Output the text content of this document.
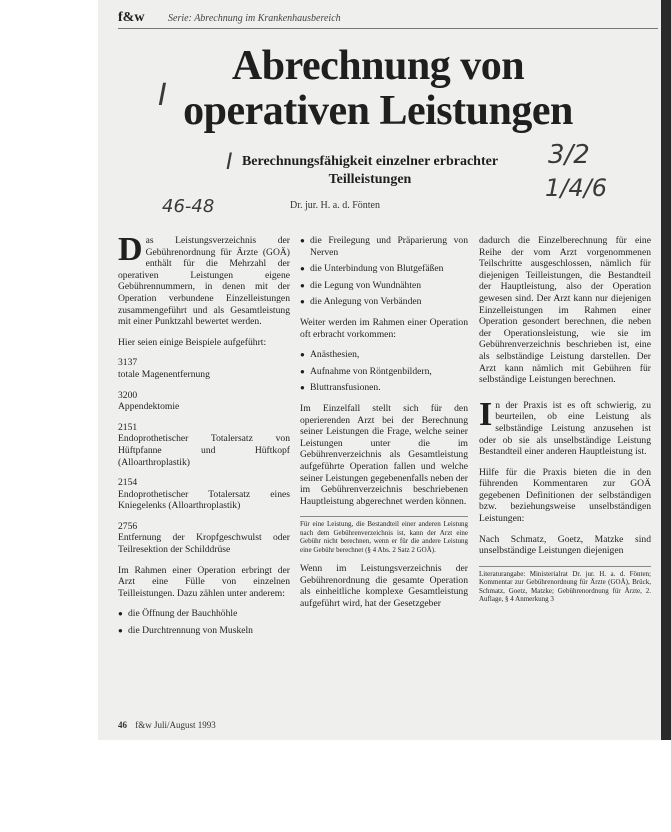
f&w Serie: Abrechnung im Krankenhausbereich
Abrechnung von
operativen Leistungen
Berechnungsfähigkeit einzelner erbrachter Teilleistungen
Dr. jur. H. a. d. Fönten
I
I
46-48
3/2
1/4/6

Das Leistungsverzeichnis der Gebührenordnung für Ärzte (GOÄ) enthält für die Mehrzahl der operativen Leistungen eigene Gebührennummern, in denen mit der Operation verbundene Einzelleistungen zusammengeführt und als Gesamtleistung mit einer Punktzahl bewertet werden.

Hier seien einige Beispiele aufgeführt:

3137
totale Magenentfernung

3200
Appendektomie

2151
Endoprothetischer Totalersatz von Hüftpfanne und Hüftkopf (Alloarthroplastik)

2154
Endoprothetischer Totalersatz eines Kniegelenks (Alloarthroplastik)

2756
Entfernung der Kropfgeschwulst oder Teilresektion der Schilddrüse

Im Rahmen einer Operation erbringt der Arzt eine Fülle von einzelnen Teilleistungen. Dazu zählen unter anderem:

● die Öffnung der Bauchhöhle
● die Durchtrennung von Muskeln
● die Freilegung und Präparierung von Nerven
● die Unterbindung von Blutgefäßen
● die Legung von Wundnähten
● die Anlegung von Verbänden

Weiter werden im Rahmen einer Operation oft erbracht vorkommen:

● Anästhesien,
● Aufnahme von Röntgenbildern,
● Bluttransfusionen.

Im Einzelfall stellt sich für den operierenden Arzt bei der Berechnung seiner Leistungen die Frage, welche seiner Leistungen unter die im Gebührenverzeichnis als Gesamtleistung aufgeführte Operation fallen und welche seiner Leistungen gegebenenfalls neben der im Gebührenverzeichnis beschriebenen Hauptleistung abgerechnet werden können.

Für eine Leistung, die Bestandteil einer anderen Leistung nach dem Gebührenverzeichnis ist, kann der Arzt eine Gebühr nicht berechnen, wenn er für die andere Leistung eine Gebühr berechnet (§ 4 Abs. 2 Satz 2 GOÄ).

Wenn im Leistungsverzeichnis der Gebührenordnung die gesamte Operation als einheitliche komplexe Gesamtleistung aufgeführt wird, hat der Gesetzgeber

dadurch die Einzelberechnung für eine Reihe der vom Arzt vorgenommenen Teilschritte ausgeschlossen, nämlich für diejenigen Teilleistungen, die Bestandteil der Hauptleistung, also der Operation gewesen sind. Der Arzt kann nur diejenigen Einzelleistungen im Rahmen einer Operation gesondert berechnen, die neben der Operationsleistung, wie sie im Gebührenverzeichnis beschrieben ist, eine als selbständige Leistung darstellen. Der Arzt kann nämlich mit Gebühren für selbständige Leistungen berechnen.

In der Praxis ist es oft schwierig, zu beurteilen, ob eine Leistung als selbständige Leistung anzusehen ist oder ob sie als unselbständige Leistung Bestandteil einer anderen Hauptleistung ist.

Hilfe für die Praxis bieten die in den führenden Kommentaren zur GOÄ gegebenen Definitionen der selbständigen bzw. beziehungsweise unselbständigen Leistungen:

Nach Schmatz, Goetz, Matzke sind unselbständige Leistungen diejenigen

Literaturangabe: Ministerialrat Dr. jur. H. a. d. Fönten; Kommentar zur Gebührenordnung für Ärzte (GOÄ), Brück, Schmatz, Goetz, Matzke; Gebührenordnung für Ärzte, 2. Auflage, § 4 Anmerkung 3

46 f&w Juli/August 1993
